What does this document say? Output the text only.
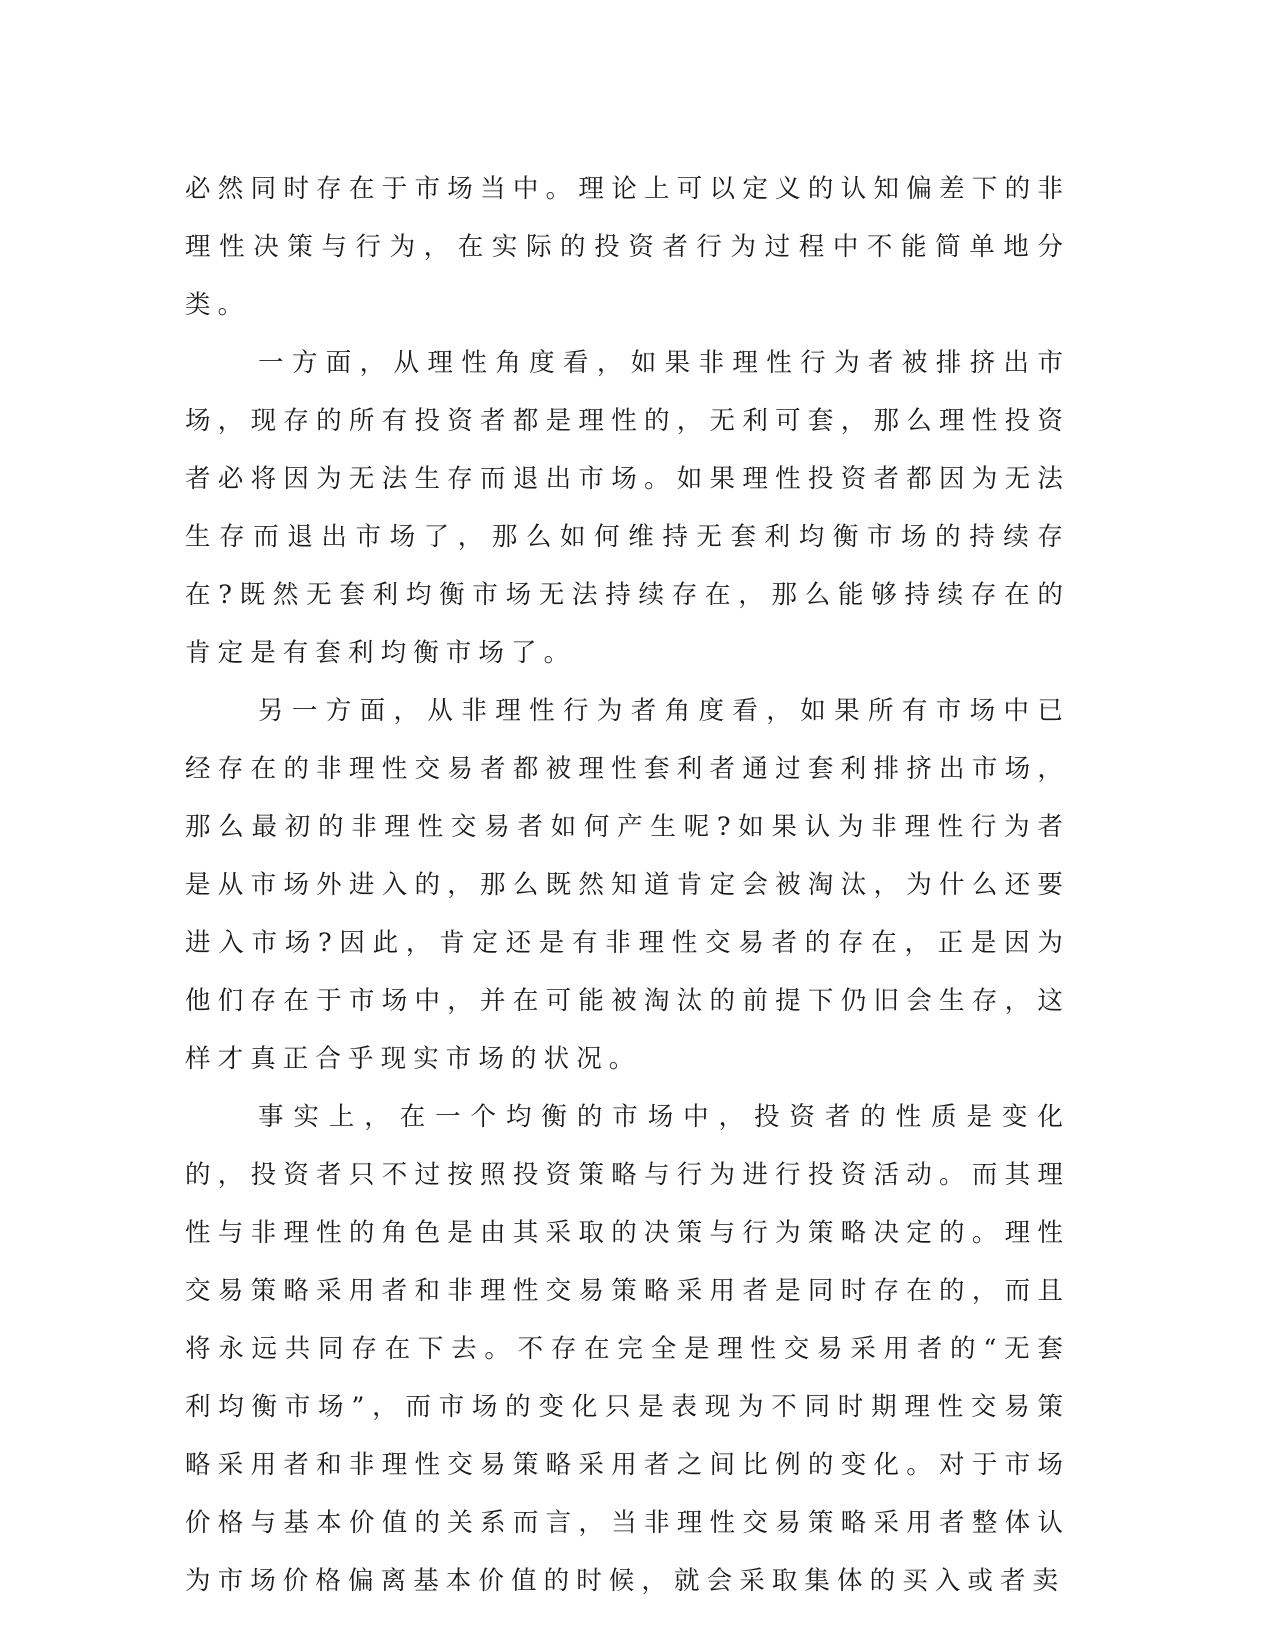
必然同时存在于市场当中。理论上可以定义的认知偏差下的非理性决策与行为，在实际的投资者行为过程中不能简单地分类。

一方面，从理性角度看，如果非理性行为者被排挤出市场，现存的所有投资者都是理性的，无利可套，那么理性投资者必将因为无法生存而退出市场。如果理性投资者都因为无法生存而退出市场了，那么如何维持无套利均衡市场的持续存在?既然无套利均衡市场无法持续存在，那么能够持续存在的肯定是有套利均衡市场了。

另一方面，从非理性行为者角度看，如果所有市场中已经存在的非理性交易者都被理性套利者通过套利排挤出市场，那么最初的非理性交易者如何产生呢?如果认为非理性行为者是从市场外进入的，那么既然知道肯定会被淘汰，为什么还要进入市场?因此，肯定还是有非理性交易者的存在，正是因为他们存在于市场中，并在可能被淘汰的前提下仍旧会生存，这样才真正合乎现实市场的状况。

事实上，在一个均衡的市场中，投资者的性质是变化的，投资者只不过按照投资策略与行为进行投资活动。而其理性与非理性的角色是由其采取的决策与行为策略决定的。理性交易策略采用者和非理性交易策略采用者是同时存在的，而且将永远共同存在下去。不存在完全是理性交易采用者的“无套利均衡市场”，而市场的变化只是表现为不同时期理性交易策略采用者和非理性交易策略采用者之间比例的变化。对于市场价格与基本价值的关系而言，当非理性交易策略采用者整体认为市场价格偏离基本价值的时候，就会采取集体的买入或者卖
